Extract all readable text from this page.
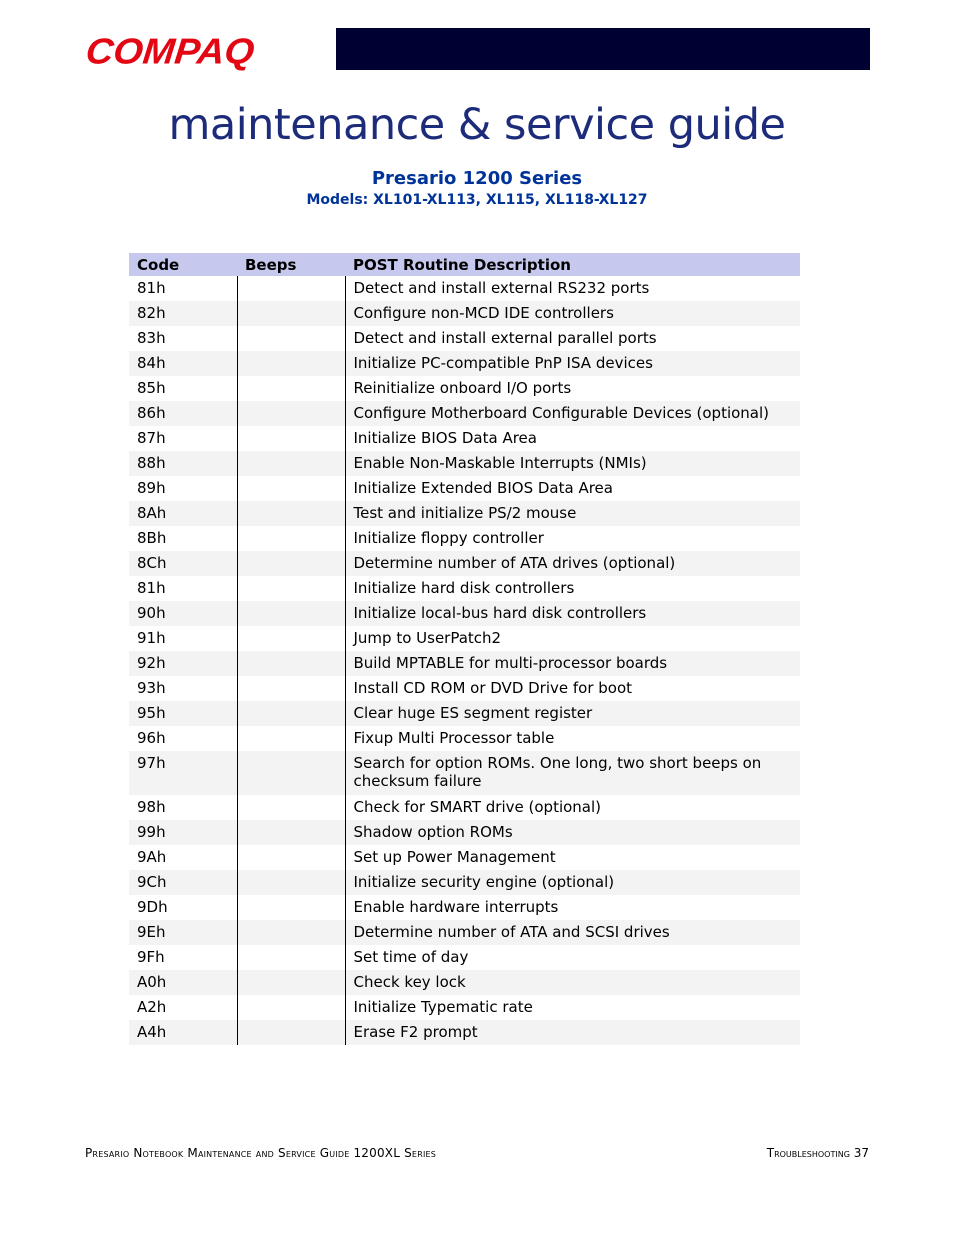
COMPAQ
maintenance & service guide
Presario 1200 Series
Models: XL101-XL113, XL115, XL118-XL127
Code	Beeps	POST Routine Description
81h		Detect and install external RS232 ports
82h		Configure non-MCD IDE controllers
83h		Detect and install external parallel ports
84h		Initialize PC-compatible PnP ISA devices
85h		Reinitialize onboard I/O ports
86h		Configure Motherboard Configurable Devices (optional)
87h		Initialize BIOS Data Area
88h		Enable Non-Maskable Interrupts (NMIs)
89h		Initialize Extended BIOS Data Area
8Ah		Test and initialize PS/2 mouse
8Bh		Initialize floppy controller
8Ch		Determine number of ATA drives (optional)
81h		Initialize hard disk controllers
90h		Initialize local-bus hard disk controllers
91h		Jump to UserPatch2
92h		Build MPTABLE for multi-processor boards
93h		Install CD ROM or DVD Drive for boot
95h		Clear huge ES segment register
96h		Fixup Multi Processor table
97h		Search for option ROMs. One long, two short beeps on checksum failure
98h		Check for SMART drive (optional)
99h		Shadow option ROMs
9Ah		Set up Power Management
9Ch		Initialize security engine (optional)
9Dh		Enable hardware interrupts
9Eh		Determine number of ATA and SCSI drives
9Fh		Set time of day
A0h		Check key lock
A2h		Initialize Typematic rate
A4h		Erase F2 prompt
Presario Notebook Maintenance and Service Guide 1200XL Series	Troubleshooting 37
